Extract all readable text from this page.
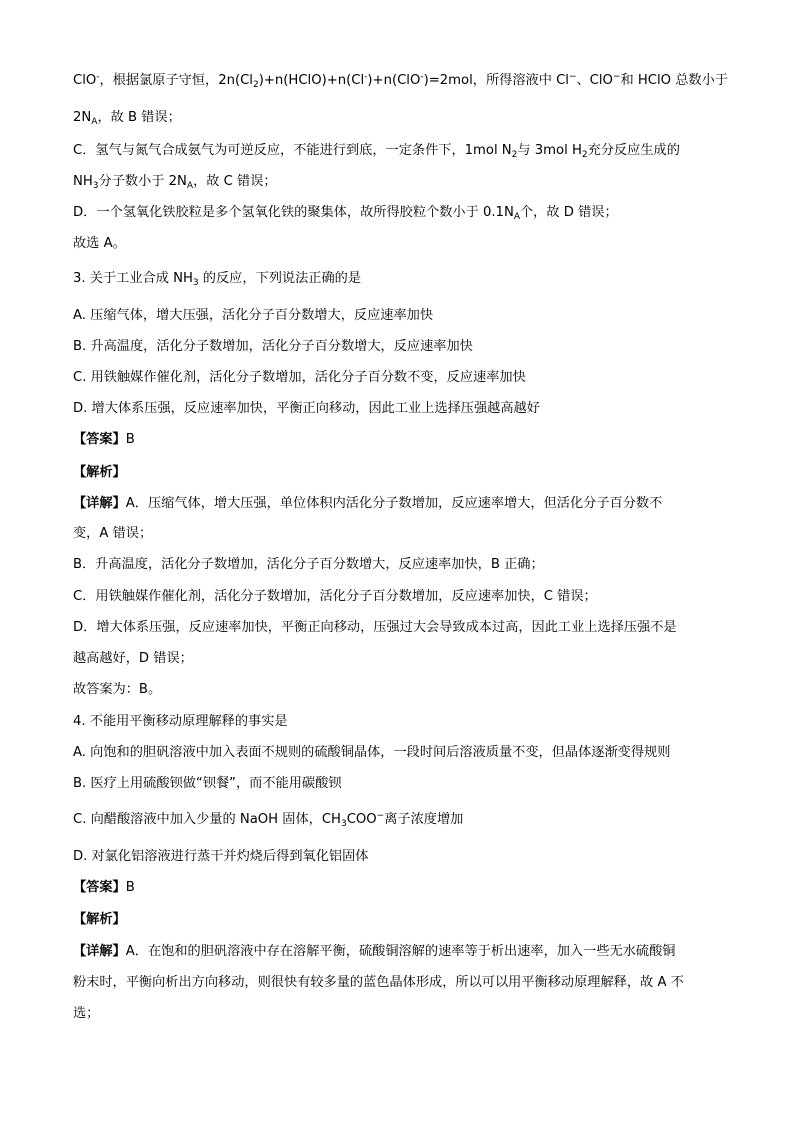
ClO-，根据氯原子守恒，$2n(Cl_2)+n(HClO)+n(Cl^-)+n(ClO^-)=2mol$，所得溶液中 Cl−、ClO−和 HClO 总数小于
$2N_A$，故 B 错误；
C．氢气与氮气合成氨气为可逆反应，不能进行到底，一定条件下，1mol $N_2$与 3mol $H_2$充分反应生成的
$NH_3$分子数小于 $2N_A$，故 C 错误；
D．一个氢氧化铁胶粒是多个氢氧化铁的聚集体，故所得胶粒个数小于 $0.1N_A$个，故 D 错误；
故选 A。
3. 关于工业合成 $NH_3$ 的反应，下列说法正确的是
A. 压缩气体，增大压强，活化分子百分数增大，反应速率加快
B. 升高温度，活化分子数增加，活化分子百分数增大，反应速率加快
C. 用铁触媒作催化剂，活化分子数增加，活化分子百分数不变，反应速率加快
D. 增大体系压强，反应速率加快，平衡正向移动，因此工业上选择压强越高越好
【答案】B
【解析】
【详解】A．压缩气体，增大压强，单位体积内活化分子数增加，反应速率增大，但活化分子百分数不
变，A 错误；
B．升高温度，活化分子数增加，活化分子百分数增大，反应速率加快，B 正确；
C．用铁触媒作催化剂，活化分子数增加，活化分子百分数增加，反应速率加快，C 错误；
D．增大体系压强，反应速率加快，平衡正向移动，压强过大会导致成本过高，因此工业上选择压强不是
越高越好，D 错误；
故答案为：B。
4. 不能用平衡移动原理解释的事实是
A. 向饱和的胆矾溶液中加入表面不规则的硫酸铜晶体，一段时间后溶液质量不变，但晶体逐渐变得规则
B. 医疗上用硫酸钡做“钡餐”，而不能用碳酸钡
C. 向醋酸溶液中加入少量的 NaOH 固体，$CH_3COO^-$离子浓度增加
D. 对氯化铝溶液进行蒸干并灼烧后得到氧化铝固体
【答案】B
【解析】
【详解】A．在饱和的胆矾溶液中存在溶解平衡，硫酸铜溶解的速率等于析出速率，加入一些无水硫酸铜
粉末时，平衡向析出方向移动，则很快有较多量的蓝色晶体形成，所以可以用平衡移动原理解释，故 A 不
选；
